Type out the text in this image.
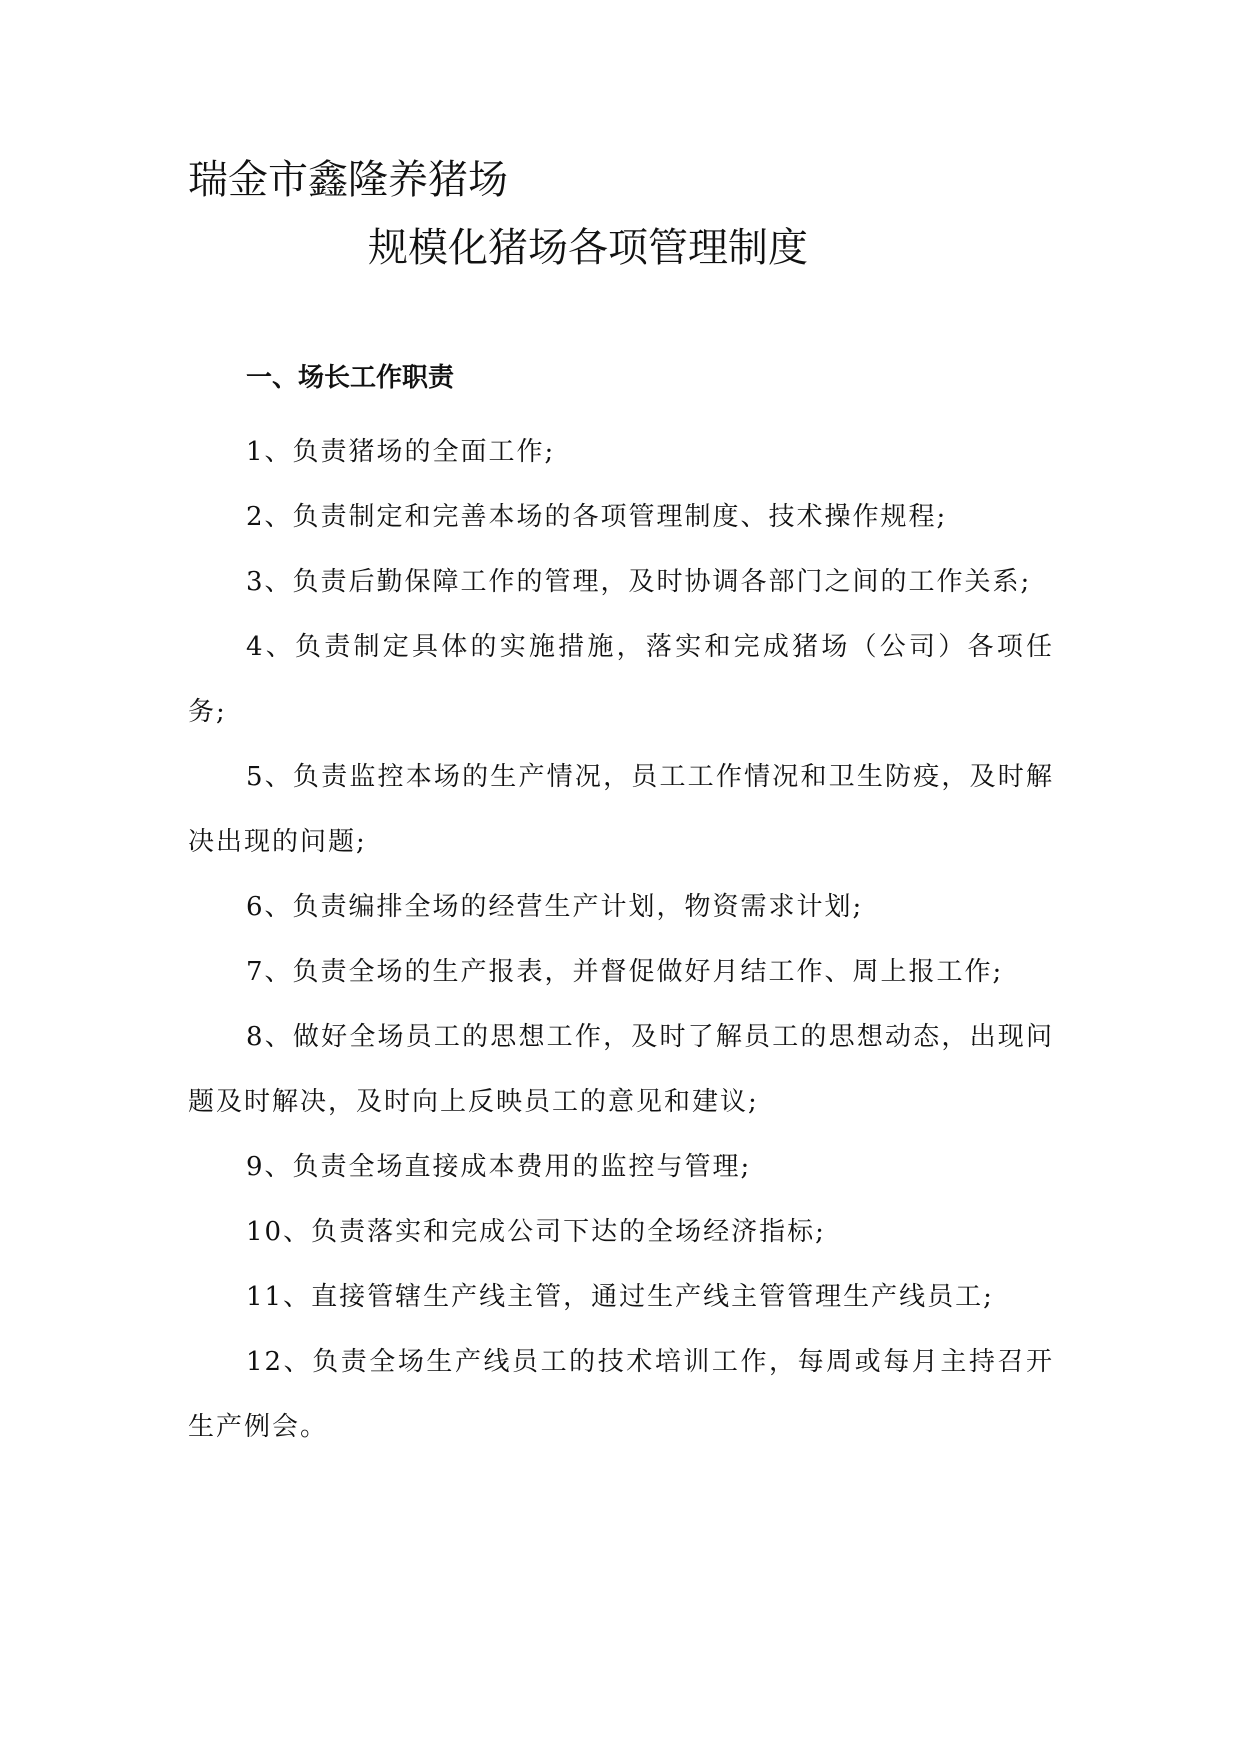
瑞金市鑫隆养猪场
规模化猪场各项管理制度
一、场长工作职责

1、负责猪场的全面工作;

2、负责制定和完善本场的各项管理制度、技术操作规程;

3、负责后勤保障工作的管理，及时协调各部门之间的工作关系;

4、负责制定具体的实施措施，落实和完成猪场（公司）各项任务;

5、负责监控本场的生产情况，员工工作情况和卫生防疫，及时解决出现的问题;

6、负责编排全场的经营生产计划，物资需求计划;

7、负责全场的生产报表，并督促做好月结工作、周上报工作;

8、做好全场员工的思想工作，及时了解员工的思想动态，出现问题及时解决，及时向上反映员工的意见和建议;

9、负责全场直接成本费用的监控与管理;

10、负责落实和完成公司下达的全场经济指标;

11、直接管辖生产线主管，通过生产线主管管理生产线员工;

12、负责全场生产线员工的技术培训工作，每周或每月主持召开生产例会。
